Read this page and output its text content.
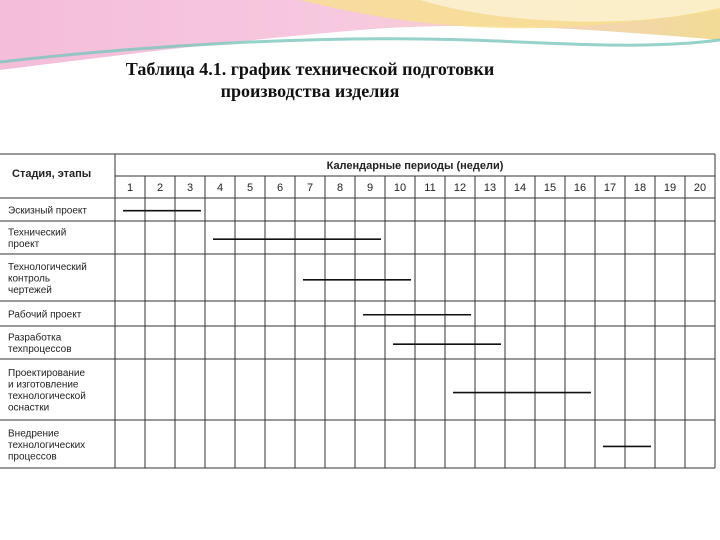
Таблица 4.1. график технической подготовки
производства изделия
Стадия, этапы
Календарные периоды (недели)
1 2 3 4 5 6 7 8 9 10 11 12 13 14 15 16 17 18 19 20
Эскизный проект
Технический
проект
Технологический
контроль
чертежей
Рабочий проект
Разработка
техпроцессов
Проектирование
и изготовление
технологической
оснастки
Внедрение
технологических
процессов
